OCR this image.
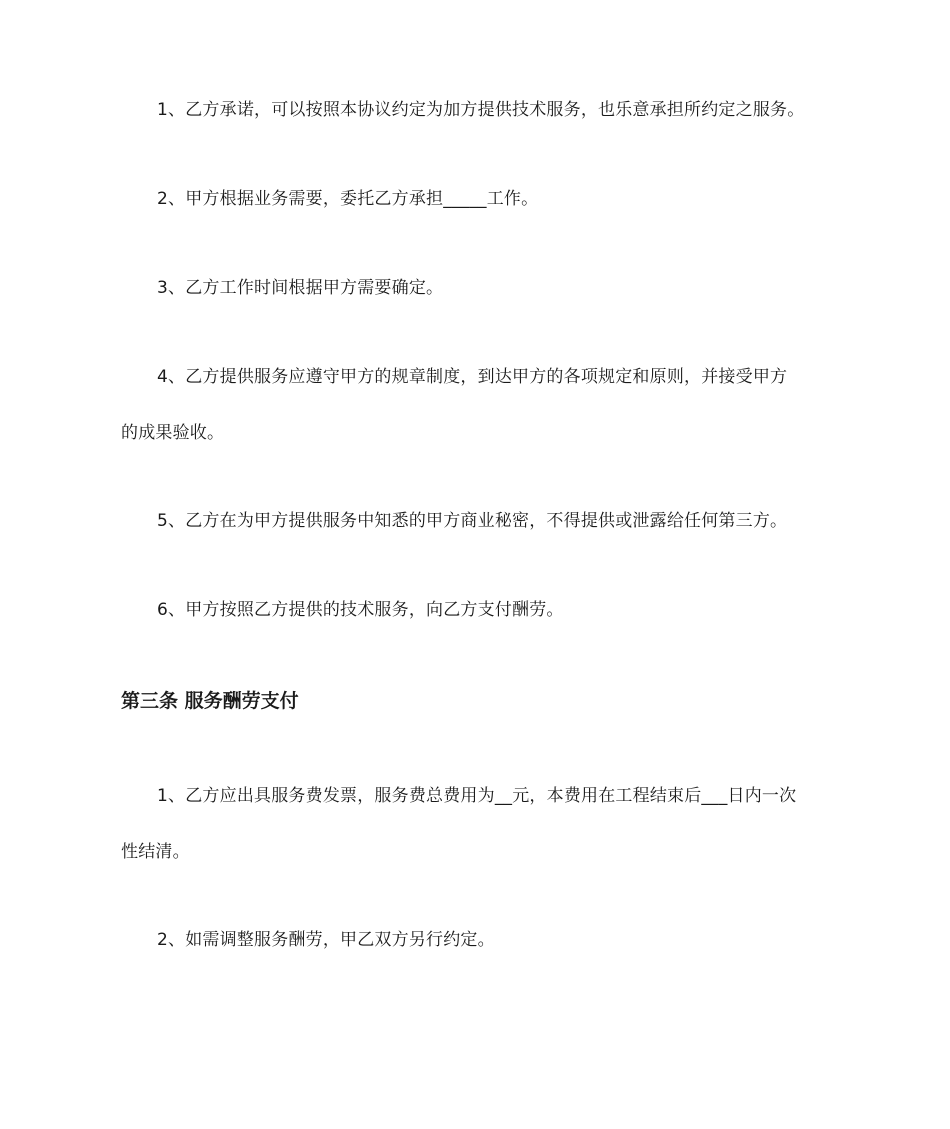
1、乙方承诺，可以按照本协议约定为加方提供技术服务，也乐意承担所约定之服务。
2、甲方根据业务需要，委托乙方承担_____工作。
3、乙方工作时间根据甲方需要确定。
4、乙方提供服务应遵守甲方的规章制度，到达甲方的各项规定和原则，并接受甲方
的成果验收。
5、乙方在为甲方提供服务中知悉的甲方商业秘密，不得提供或泄露给任何第三方。
6、甲方按照乙方提供的技术服务，向乙方支付酬劳。
第三条 服务酬劳支付
1、乙方应出具服务费发票，服务费总费用为__元，本费用在工程结束后___日内一次
性结清。
2、如需调整服务酬劳，甲乙双方另行约定。
